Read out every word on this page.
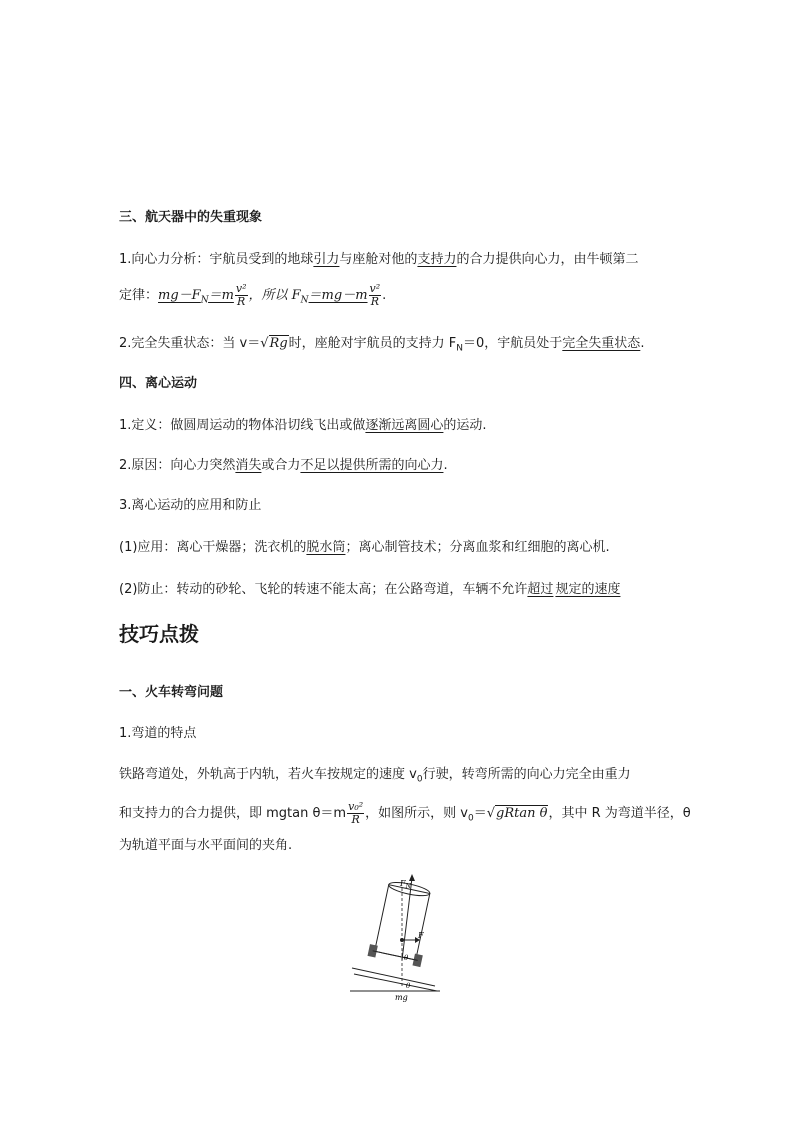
三、航天器中的失重现象
1.向心力分析：宇航员受到的地球引力与座舱对他的支持力的合力提供向心力，由牛顿第二
定律：$mg-F_N=m \frac{\text{v²}}{R}$ ，所以 $F_N=mg-m \frac{\text{v²}}{R}$ .
2.完全失重状态：当 v＝√Rg时，座舱对宇航员的支持力 $F_N=0$，宇航员处于完全失重状态.
四、离心运动
1.定义：做圆周运动的物体沿切线飞出或做逐渐远离圆心的运动.
2.原因：向心力突然消失或合力不足以提供所需的向心力.
3.离心运动的应用和防止
(1)应用：离心干燥器；洗衣机的脱水筒；离心制管技术；分离血浆和红细胞的离心机.
(2)防止：转动的砂轮、飞轮的转速不能太高；在公路弯道，车辆不允许超过 规定的速度
技巧点拨
一、火车转弯问题
1.弯道的特点
铁路弯道处，外轨高于内轨，若火车按规定的速度 $v_0$行驶，转弯所需的向心力完全由重力
和支持力的合力提供，即 mgtan $\theta=m \frac{\text{v₀²}}{R}$ ，如图所示，则 $v_0=√gRtan$ θ，其中 R 为弯道半径，θ
为轨道平面与水平面间的夹角.
$F_N$
F
θ
θ
mg
